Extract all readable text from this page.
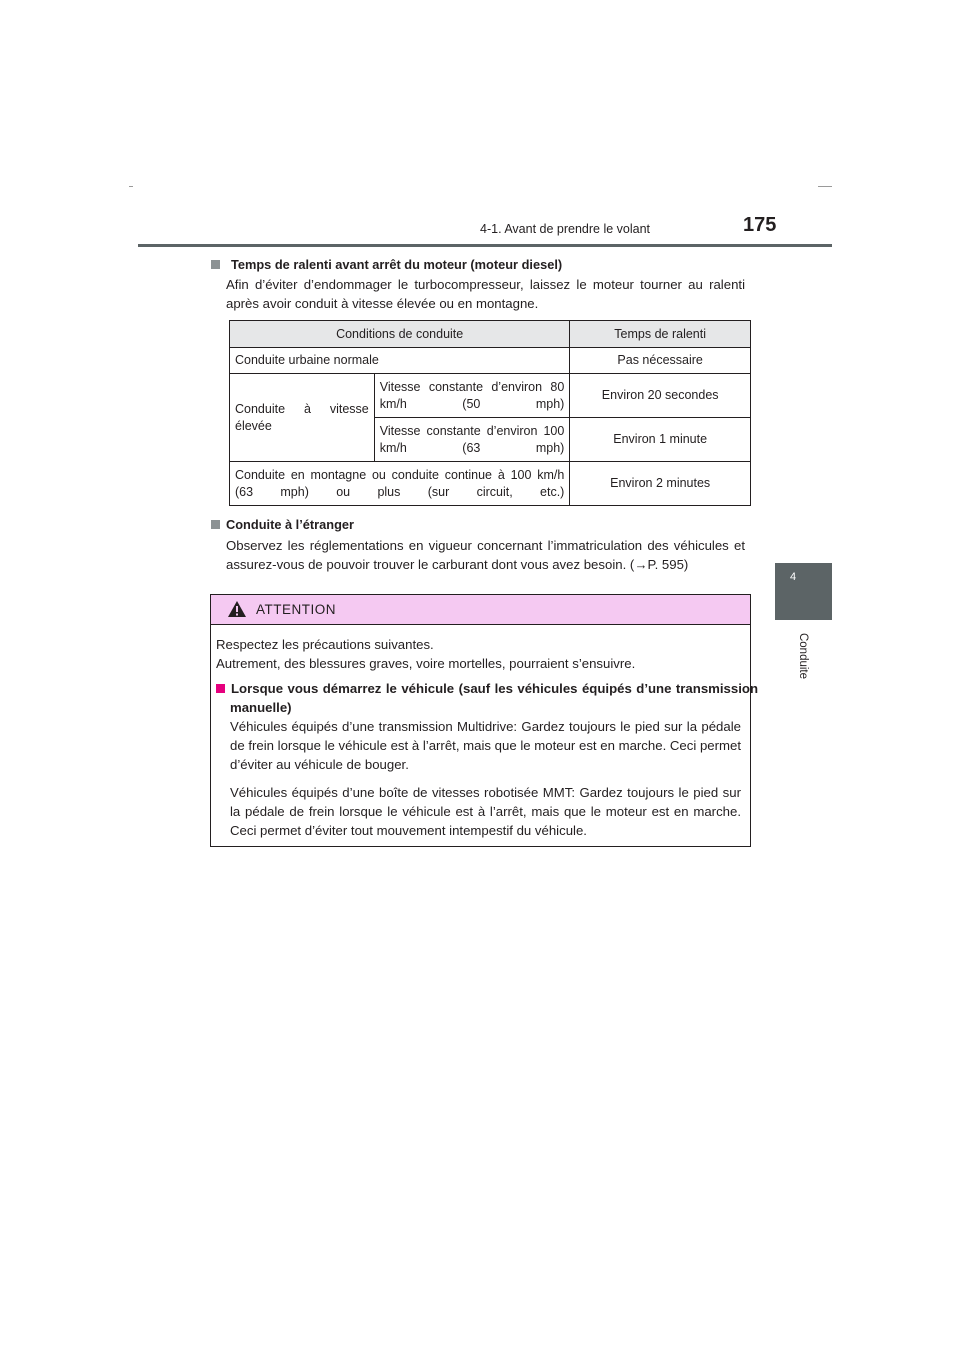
4-1. Avant de prendre le volant	175
4
Conduite
Temps de ralenti avant arrêt du moteur (moteur diesel)
Afin d’éviter d’endommager le turbocompresseur, laissez le moteur tourner au ralenti après avoir conduit à vitesse élevée ou en montagne.
Conditions de conduite		Temps de ralenti
Conduite urbaine normale		Pas nécessaire
Conduite à vitesse élevée	Vitesse constante d’environ 80 km/h (50 mph)	Environ 20 secondes
	Vitesse constante d’environ 100 km/h (63 mph)	Environ 1 minute
Conduite en montagne ou conduite continue à 100 km/h (63 mph) ou plus (sur circuit, etc.)		Environ 2 minutes
Conduite à l’étranger
Observez les réglementations en vigueur concernant l’immatriculation des véhicules et assurez-vous de pouvoir trouver le carburant dont vous avez besoin. (→P. 595)
ATTENTION
Respectez les précautions suivantes.
Autrement, des blessures graves, voire mortelles, pourraient s’ensuivre.
Lorsque vous démarrez le véhicule (sauf les véhicules équipés d’une transmission manuelle)
Véhicules équipés d’une transmission Multidrive: Gardez toujours le pied sur la pédale de frein lorsque le véhicule est à l’arrêt, mais que le moteur est en marche. Ceci permet d’éviter au véhicule de bouger.
Véhicules équipés d’une boîte de vitesses robotisée MMT: Gardez toujours le pied sur la pédale de frein lorsque le véhicule est à l’arrêt, mais que le moteur est en marche. Ceci permet d’éviter tout mouvement intempestif du véhicule.
